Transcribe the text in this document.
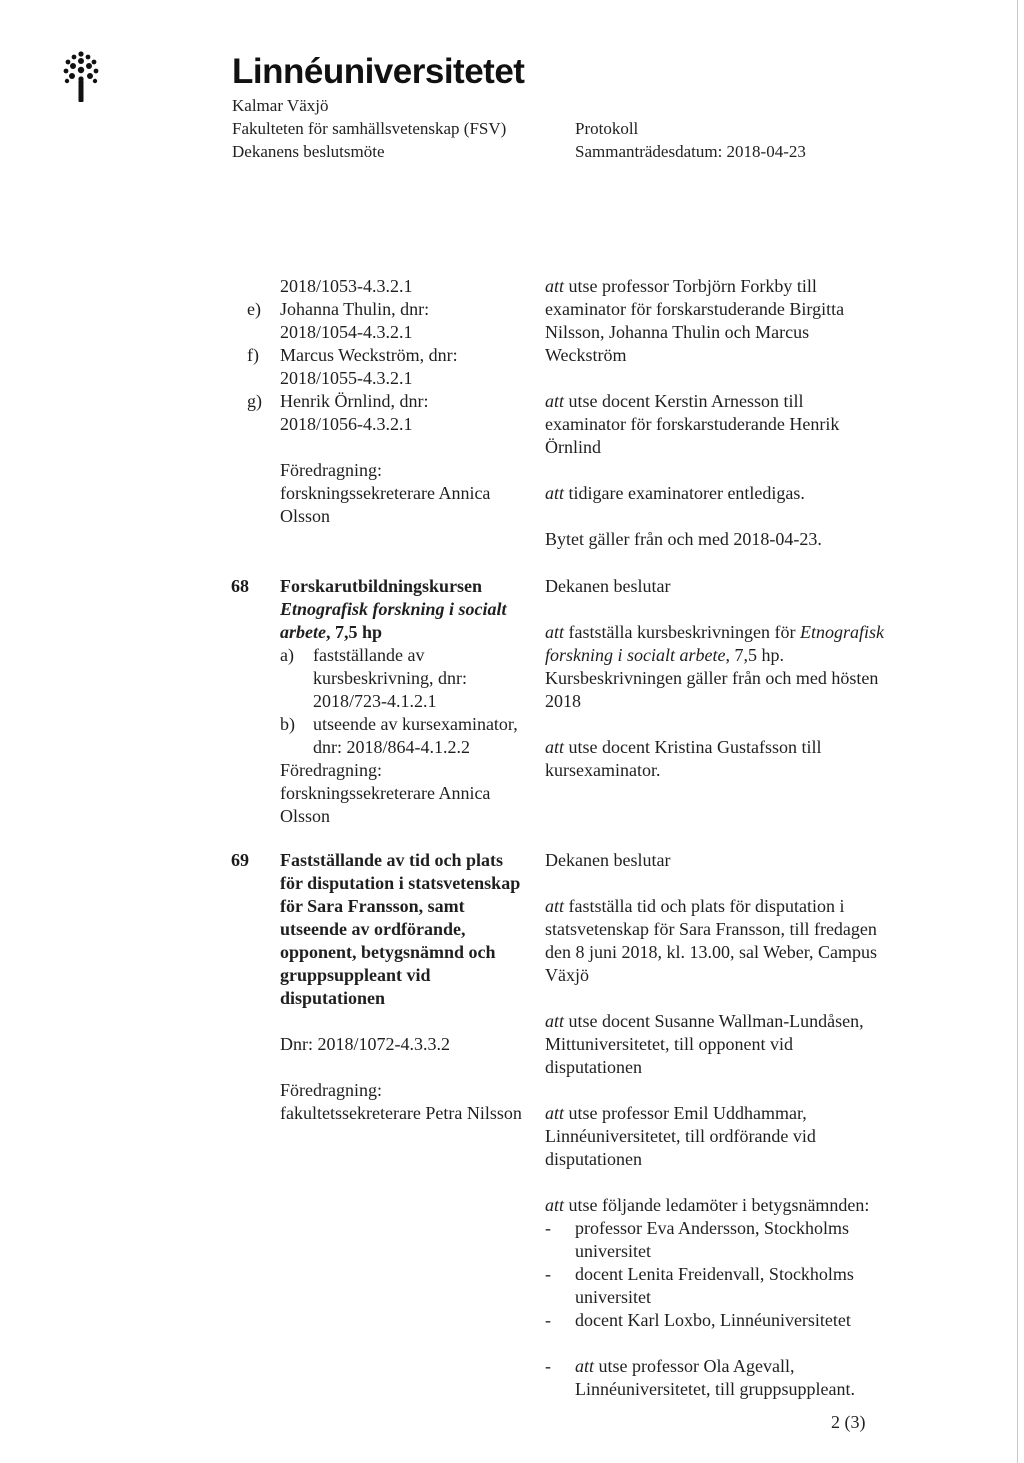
Linnéuniversitetet
Kalmar Växjö
Fakulteten för samhällsvetenskap (FSV)
Dekanens beslutsmöte
Protokoll
Sammanträdesdatum: 2018-04-23
2018/1053-4.3.2.1
e)	Johanna Thulin, dnr:
2018/1054-4.3.2.1
f)	Marcus Weckström, dnr:
2018/1055-4.3.2.1
g)	Henrik Örnlind, dnr:
2018/1056-4.3.2.1
Föredragning:
forskningssekreterare Annica
Olsson
att utse professor Torbjörn Forkby till
examinator för forskarstuderande Birgitta
Nilsson, Johanna Thulin och Marcus
Weckström
att utse docent Kerstin Arnesson till
examinator för forskarstuderande Henrik
Örnlind
att tidigare examinatorer entledigas.
Bytet gäller från och med 2018-04-23.
68 Forskarutbildningskursen
Etnografisk forskning i socialt
arbete, 7,5 hp
a)	fastställande av
kursbeskrivning, dnr:
2018/723-4.1.2.1
b)	utseende av kursexaminator,
dnr: 2018/864-4.1.2.2
Föredragning:
forskningssekreterare Annica
Olsson
Dekanen beslutar
att fastställa kursbeskrivningen för Etnografisk
forskning i socialt arbete, 7,5 hp.
Kursbeskrivningen gäller från och med hösten
2018
att utse docent Kristina Gustafsson till
kursexaminator.
69 Fastställande av tid och plats
för disputation i statsvetenskap
för Sara Fransson, samt
utseende av ordförande,
opponent, betygsnämnd och
gruppsuppleant vid
disputationen
Dnr: 2018/1072-4.3.3.2
Föredragning:
fakultetssekreterare Petra Nilsson
Dekanen beslutar
att fastställa tid och plats för disputation i
statsvetenskap för Sara Fransson, till fredagen
den 8 juni 2018, kl. 13.00, sal Weber, Campus
Växjö
att utse docent Susanne Wallman-Lundåsen,
Mittuniversitetet, till opponent vid
disputationen
att utse professor Emil Uddhammar,
Linnéuniversitetet, till ordförande vid
disputationen
att utse följande ledamöter i betygsnämnden:
-	professor Eva Andersson, Stockholms
universitet
-	docent Lenita Freidenvall, Stockholms
universitet
-	docent Karl Loxbo, Linnéuniversitetet
-	att utse professor Ola Agevall,
Linnéuniversitetet, till gruppsuppleant.
2 (3)
